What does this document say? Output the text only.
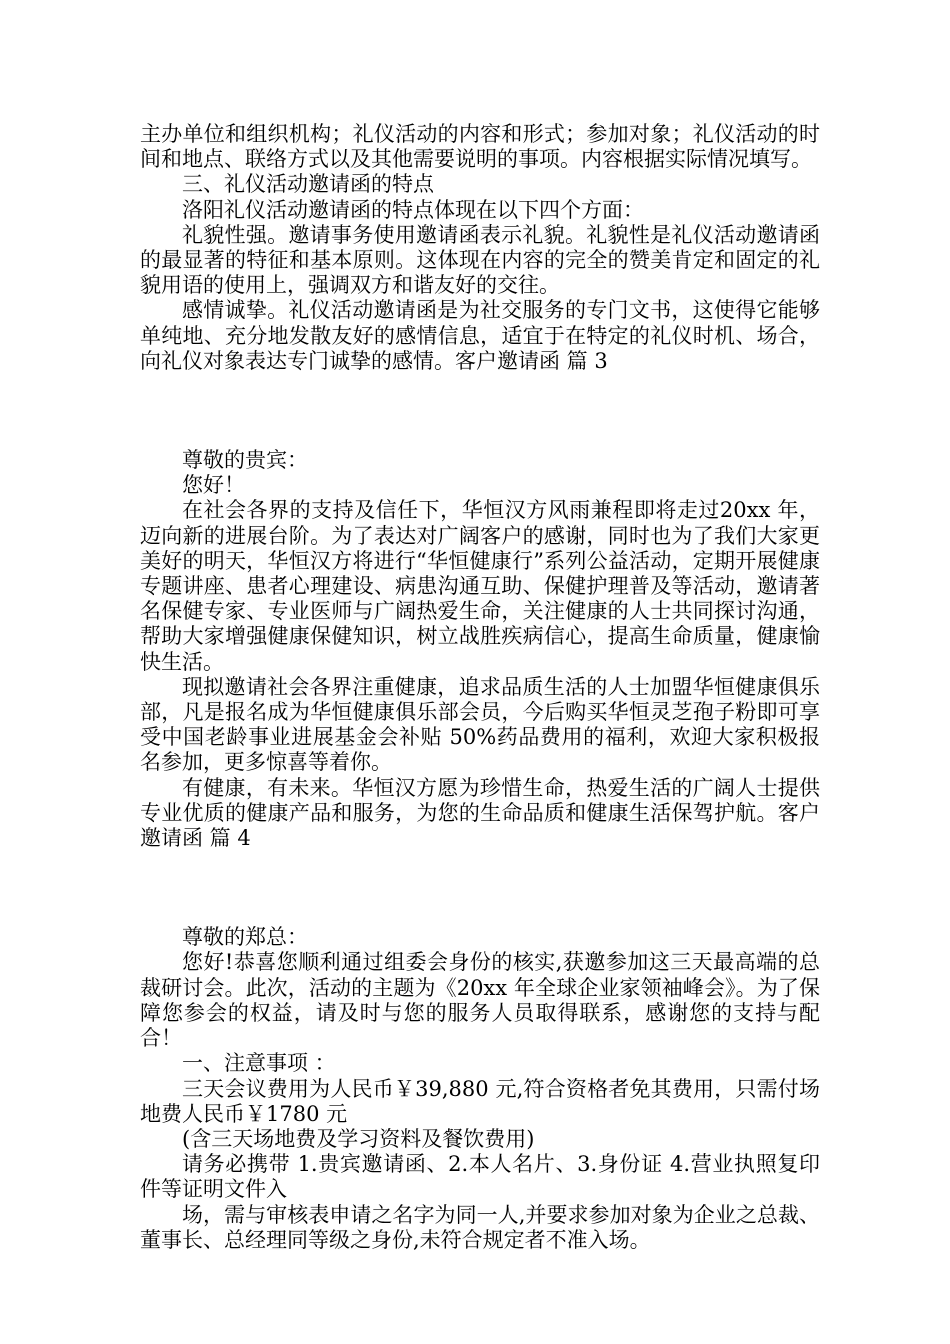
主办单位和组织机构；礼仪活动的内容和形式；参加对象；礼仪活动的时间和地点、联络方式以及其他需要说明的事项。内容根据实际情况填写。

三、礼仪活动邀请函的特点

洛阳礼仪活动邀请函的特点体现在以下四个方面：

礼貌性强。邀请事务使用邀请函表示礼貌。礼貌性是礼仪活动邀请函的最显著的特征和基本原则。这体现在内容的完全的赞美肯定和固定的礼貌用语的使用上，强调双方和谐友好的交往。

感情诚挚。礼仪活动邀请函是为社交服务的专门文书，这使得它能够单纯地、充分地发散友好的感情信息，适宜于在特定的礼仪时机、场合，向礼仪对象表达专门诚挚的感情。客户邀请函 篇 3

尊敬的贵宾：

您好！

在社会各界的支持及信任下，华恒汉方风雨兼程即将走过20xx 年，迈向新的进展台阶。为了表达对广阔客户的感谢，同时也为了我们大家更美好的明天，华恒汉方将进行“华恒健康行”系列公益活动，定期开展健康专题讲座、患者心理建设、病患沟通互助、保健护理普及等活动，邀请著名保健专家、专业医师与广阔热爱生命，关注健康的人士共同探讨沟通，帮助大家增强健康保健知识，树立战胜疾病信心，提高生命质量，健康愉快生活。

现拟邀请社会各界注重健康，追求品质生活的人士加盟华恒健康俱乐部，凡是报名成为华恒健康俱乐部会员，今后购买华恒灵芝孢子粉即可享受中国老龄事业进展基金会补贴 50%药品费用的福利，欢迎大家积极报名参加，更多惊喜等着你。

有健康，有未来。华恒汉方愿为珍惜生命，热爱生活的广阔人士提供专业优质的健康产品和服务，为您的生命品质和健康生活保驾护航。客户邀请函 篇 4

尊敬的郑总：

您好!恭喜您顺利通过组委会身份的核实,获邀参加这三天最高端的总裁研讨会。此次，活动的主题为《20xx 年全球企业家领袖峰会》。为了保障您参会的权益，请及时与您的服务人员取得联系，感谢您的支持与配合！

一、注意事项 ：

三天会议费用为人民币￥39,880 元,符合资格者免其费用，只需付场地费人民币￥1780 元

(含三天场地费及学习资料及餐饮费用)

请务必携带 1.贵宾邀请函、2.本人名片、3.身份证 4.营业执照复印件等证明文件入

场，需与审核表申请之名字为同一人,并要求参加对象为企业之总裁、董事长、总经理同等级之身份,未符合规定者不准入场。
